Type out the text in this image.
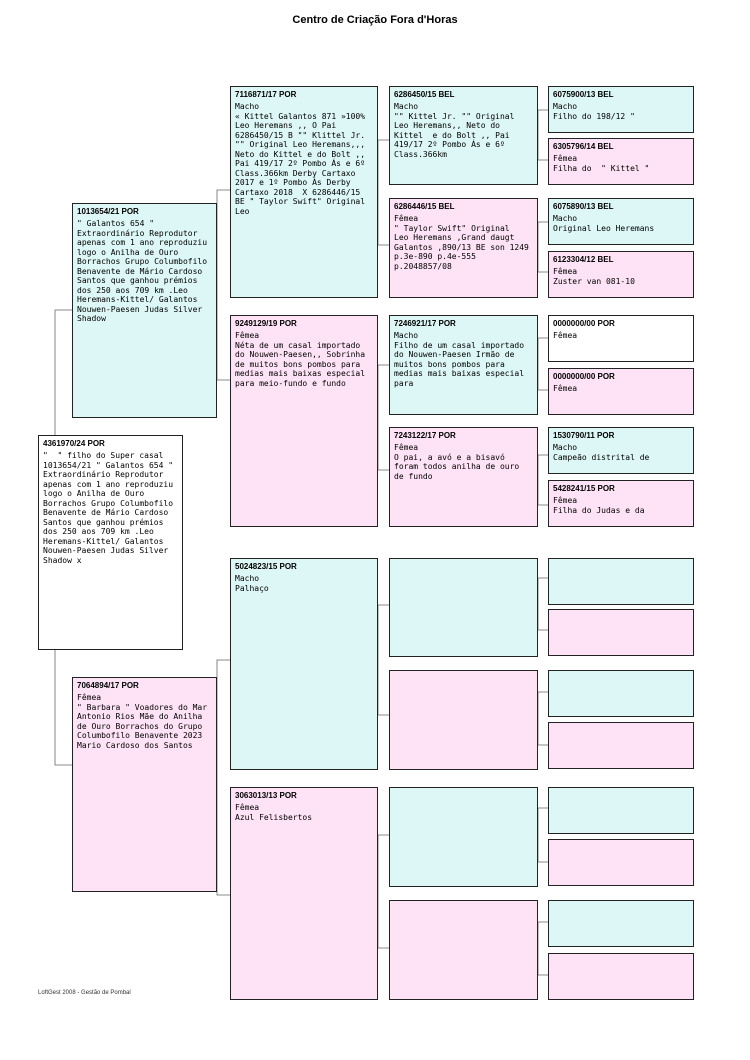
Centro de Criação Fora d'Horas
4361970/24 POR
"  " filho do Super casal 1013654/21 " Galantos 654 " Extraordinário Reprodutor apenas com 1 ano reproduziu logo o Anilha de Ouro Borrachos Grupo Columbofilo Benavente de Mário Cardoso Santos que ganhou prémios dos 250 aos 709 km .Leo Heremans-Kittel/ Galantos Nouwen-Paesen Judas Silver Shadow x
1013654/21 POR
" Galantos 654 " Extraordinário Reprodutor apenas com 1 ano reproduziu logo o Anilha de Ouro Borrachos Grupo Columbofilo Benavente de Mário Cardoso Santos que ganhou prémios dos 250 aos 709 km .Leo Heremans-Kittel/ Galantos Nouwen-Paesen Judas Silver Shadow
7064894/17 POR
Fêmea
" Barbara " Voadores do Mar Antonio Rios Mãe do Anilha de Ouro Borrachos do Grupo Columbofilo Benavente 2023 Mario Cardoso dos Santos
7116871/17 POR
Macho
« Kittel Galantos 871 »100% Leo Heremans ,, O Pai 6286450/15 B "" Klittel Jr. "" Original Leo Heremans,,, Neto do Kittel e do Bolt ,, Pai 419/17 2º Pombo Ás e 6º Class.366km Derby Cartaxo 2017 e 1º Pombo Ás Derby Cartaxo 2018  X 6286446/15 BE " Taylor Swift" Original  Leo
9249129/19 POR
Fêmea
Néta de um casal importado do Nouwen-Paesen,, Sobrinha de muitos bons pombos para medias mais baixas especial para meio-fundo e fundo
5024823/15 POR
Macho
Palhaço
3063013/13 POR
Fêmea
Azul Felisbertos
6286450/15 BEL
Macho
"" Kittel Jr. "" Original Leo Heremans,, Neto do Kittel  e do Bolt ,, Pai 419/17 2º Pombo Ás e 6º Class.366km
6286446/15 BEL
Fêmea
" Taylor Swift" Original  Leo Heremans ,Grand daugt Galantos ,890/13 BE son 1249 p.3e-890 p.4e-555 p.2048857/08
7246921/17 POR
Macho
Filho de um casal importado do Nouwen-Paesen Irmão de muitos bons pombos para medias mais baixas especial para
7243122/17 POR
Fêmea
O pai, a avó e a bisavó foram todos anilha de ouro de fundo
6075900/13 BEL
Macho
Filho do 198/12 "
6305796/14 BEL
Fêmea
Filha do  " Kittel "
6075890/13 BEL
Macho
Original Leo Heremans
6123304/12 BEL
Fêmea
Zuster van 081-10
0000000/00 POR
Fêmea
0000000/00 POR
Fêmea
1530790/11 POR
Macho
Campeão distrital de
5428241/15 POR
Fêmea
Filha do Judas e da
LoftGest 2008 - Gestão de Pombal
